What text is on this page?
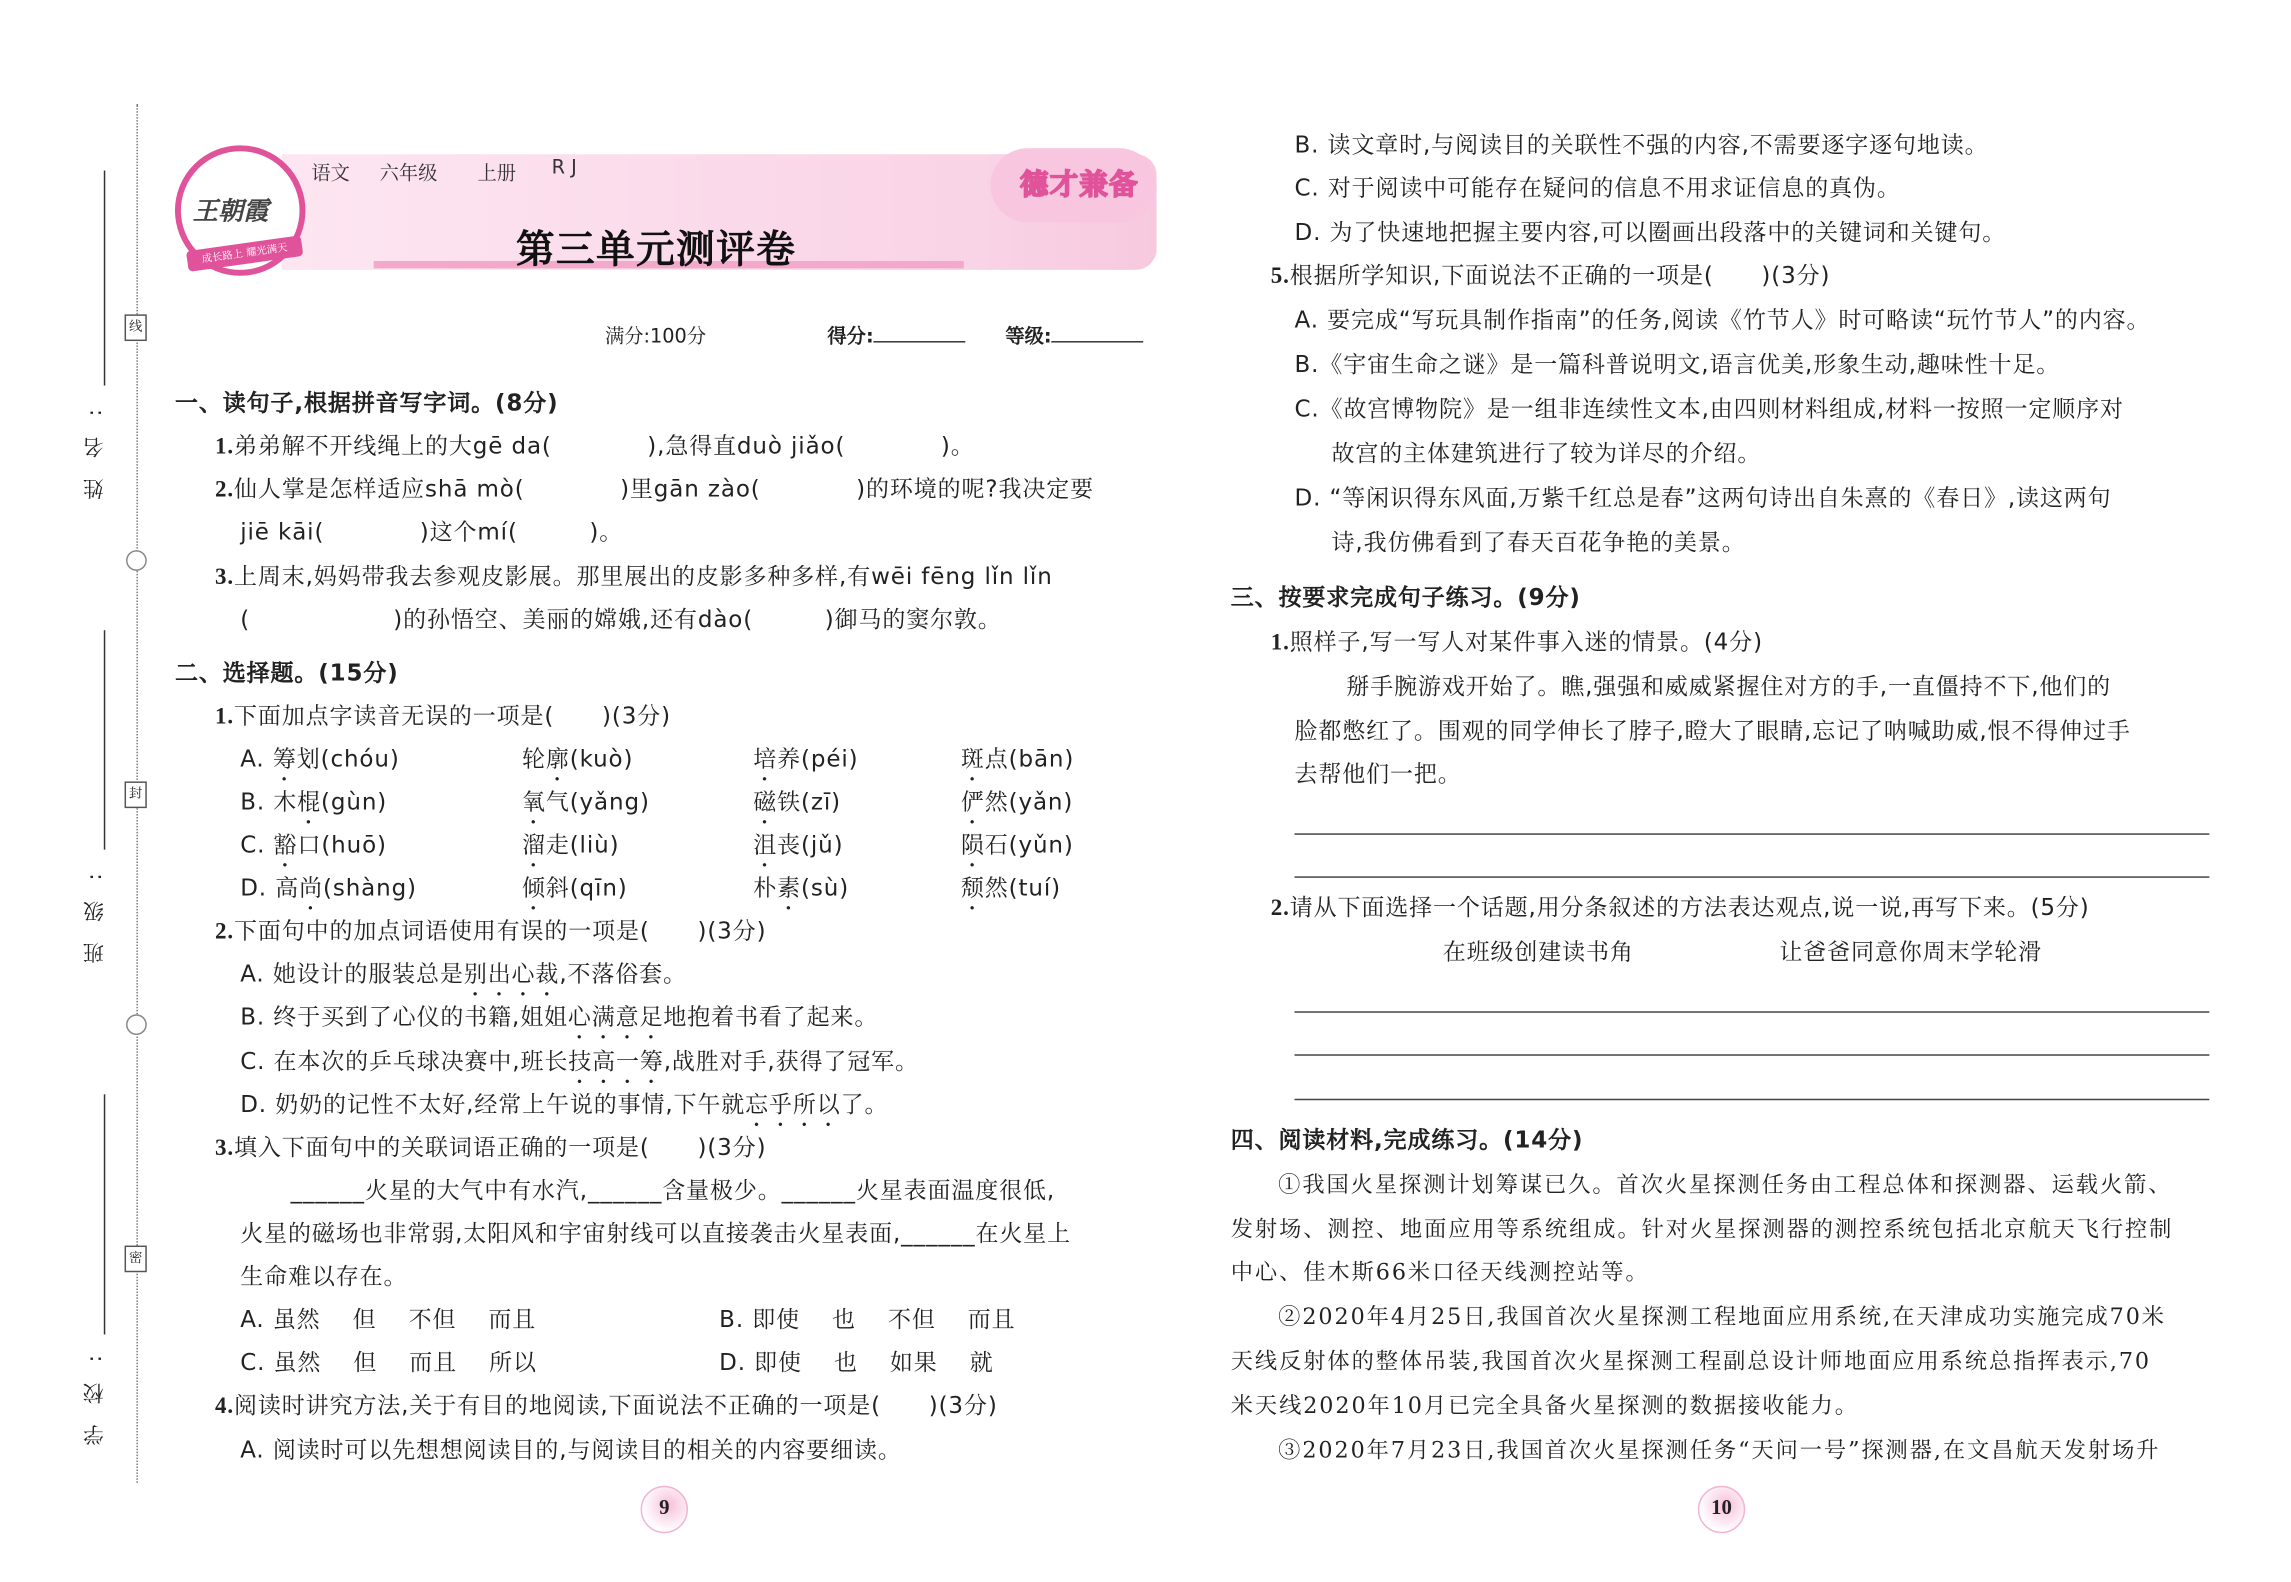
姓名:
班级:
学校:
线
封
密
德才兼备
王朝霞
成长路上 耀光满天
语文 六年级	上册	R J
第三单元测评卷
满分:100分	得分:	等级:
一、读句子,根据拼音写字词。(8分)
1.弟弟解不开线绳上的大gē da(　　　　),急得直duò jiǎo(　　　　)。
2.仙人掌是怎样适应shā mò(　　　　)里gān zào(　　　　)的环境的呢?我决定要
jiē kāi(　　　　)这个mí(　　　)。
3.上周末,妈妈带我去参观皮影展。那里展出的皮影多种多样,有wēi fēng lǐn lǐn
(　　　　　　)的孙悟空、美丽的嫦娥,还有dào(　　　)御马的窦尔敦。
二、选择题。(15分)
1.下面加点字读音无误的一项是(　　)(3分)
A. 筹划(chóu)	轮廓(kuò)	培养(péi)	斑点(bān)
B. 木棍(gùn)	氧气(yǎng)	磁铁(zī)	俨然(yǎn)
C. 豁口(huō)	溜走(liù)	沮丧(jǔ)	陨石(yǔn)
D. 高尚(shàng)	倾斜(qīn)	朴素(sù)	颓然(tuí)
2.下面句中的加点词语使用有误的一项是(　　)(3分)
A. 她设计的服装总是别出心裁,不落俗套。
B. 终于买到了心仪的书籍,姐姐心满意足地抱着书看了起来。
C. 在本次的乒乓球决赛中,班长技高一筹,战胜对手,获得了冠军。
D. 奶奶的记性不太好,经常上午说的事情,下午就忘乎所以了。
3.填入下面句中的关联词语正确的一项是(　　)(3分)
______火星的大气中有水汽,______含量极少。______火星表面温度很低,
火星的磁场也非常弱,太阳风和宇宙射线可以直接袭击火星表面,______在火星上
生命难以存在。
A. 虽然　 但　 不但　 而且	B. 即使　 也　 不但　 而且
C. 虽然　 但　 而且　 所以	D. 即使　 也　 如果　 就
4.阅读时讲究方法,关于有目的地阅读,下面说法不正确的一项是(　　)(3分)
A. 阅读时可以先想想阅读目的,与阅读目的相关的内容要细读。
B. 读文章时,与阅读目的关联性不强的内容,不需要逐字逐句地读。
C. 对于阅读中可能存在疑问的信息不用求证信息的真伪。
D. 为了快速地把握主要内容,可以圈画出段落中的关键词和关键句。
5.根据所学知识,下面说法不正确的一项是(　　)(3分)
A. 要完成“写玩具制作指南”的任务,阅读《竹节人》时可略读“玩竹节人”的内容。
B.《宇宙生命之谜》是一篇科普说明文,语言优美,形象生动,趣味性十足。
C.《故宫博物院》是一组非连续性文本,由四则材料组成,材料一按照一定顺序对
故宫的主体建筑进行了较为详尽的介绍。
D. “等闲识得东风面,万紫千红总是春”这两句诗出自朱熹的《春日》,读这两句
诗,我仿佛看到了春天百花争艳的美景。
三、按要求完成句子练习。(9分)
1.照样子,写一写人对某件事入迷的情景。(4分)
掰手腕游戏开始了。瞧,强强和威威紧握住对方的手,一直僵持不下,他们的
脸都憋红了。围观的同学伸长了脖子,瞪大了眼睛,忘记了呐喊助威,恨不得伸过手
去帮他们一把。
2.请从下面选择一个话题,用分条叙述的方法表达观点,说一说,再写下来。(5分)
在班级创建读书角	让爸爸同意你周末学轮滑
四、阅读材料,完成练习。(14分)
①我国火星探测计划筹谋已久。首次火星探测任务由工程总体和探测器、运载火箭、
发射场、测控、地面应用等系统组成。针对火星探测器的测控系统包括北京航天飞行控制
中心、佳木斯66米口径天线测控站等。
②2020年4月25日,我国首次火星探测工程地面应用系统,在天津成功实施完成70米
天线反射体的整体吊装,我国首次火星探测工程副总设计师地面应用系统总指挥表示,70
米天线2020年10月已完全具备火星探测的数据接收能力。
③2020年7月23日,我国首次火星探测任务“天问一号”探测器,在文昌航天发射场升
9	10
